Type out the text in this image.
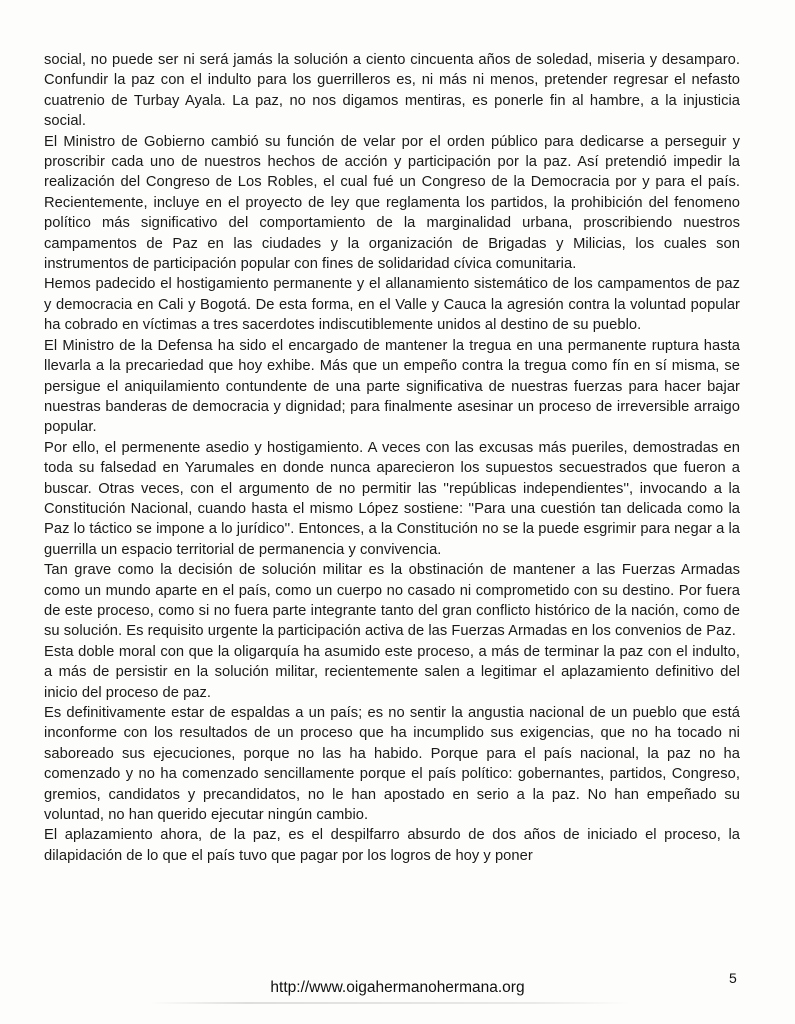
social, no puede ser ni será jamás la solución a ciento cincuenta años de soledad, miseria y desamparo. Confundir la paz con el indulto para los guerrilleros es, ni más ni menos, pretender regresar el nefasto cuatrenio de Turbay Ayala. La paz, no nos digamos mentiras, es ponerle fin al hambre, a la injusticia social.

El Ministro de Gobierno cambió su función de velar por el orden público para dedicarse a perseguir y proscribir cada uno de nuestros hechos de acción y participación por la paz. Así pretendió impedir la realización del Congreso de Los Robles, el cual fué un Congreso de la Democracia por y para el país. Recientemente, incluye en el proyecto de ley que reglamenta los partidos, la prohibición del fenomeno político más significativo del comportamiento de la marginalidad urbana, proscribiendo nuestros campamentos de Paz en las ciudades y la organización de Brigadas y Milicias, los cuales son instrumentos de participación popular con fines de solidaridad cívica comunitaria.

Hemos padecido el hostigamiento permanente y el allanamiento sistemático de los campamentos de paz y democracia en Cali y Bogotá. De esta forma, en el Valle y Cauca la agresión contra la voluntad popular ha cobrado en víctimas a tres sacerdotes indiscutiblemente unidos al destino de su pueblo.

El Ministro de la Defensa ha sido el encargado de mantener la tregua en una permanente ruptura hasta llevarla a la precariedad que hoy exhibe. Más que un empeño contra la tregua como fín en sí misma, se persigue el aniquilamiento contundente de una parte significativa de nuestras fuerzas para hacer bajar nuestras banderas de democracia y dignidad; para finalmente asesinar un proceso de irreversible arraigo popular.

Por ello, el permenente asedio y hostigamiento. A veces con las excusas más pueriles, demostradas en toda su falsedad en Yarumales en donde nunca aparecieron los supuestos secuestrados que fueron a buscar. Otras veces, con el argumento de no permitir las ''repúblicas independientes'', invocando a la Constitución Nacional, cuando hasta el mismo López sostiene: ''Para una cuestión tan delicada como la Paz lo táctico se impone a lo jurídico''. Entonces, a la Constitución no se la puede esgrimir para negar a la guerrilla un espacio territorial de permanencia y convivencia.

Tan grave como la decisión de solución militar es la obstinación de mantener a las Fuerzas Armadas como un mundo aparte en el país, como un cuerpo no casado ni comprometido con su destino. Por fuera de este proceso, como si no fuera parte integrante tanto del gran conflicto histórico de la nación, como de su solución. Es requisito urgente la participación activa de las Fuerzas Armadas en los convenios de Paz.

Esta doble moral con que la oligarquía ha asumido este proceso, a más de terminar la paz con el indulto, a más de persistir en la solución militar, recientemente salen a legitimar el aplazamiento definitivo del inicio del proceso de paz.

Es definitivamente estar de espaldas a un país; es no sentir la angustia nacional de un pueblo que está inconforme con los resultados de un proceso que ha incumplido sus exigencias, que no ha tocado ni saboreado sus ejecuciones, porque no las ha habido. Porque para el país nacional, la paz no ha comenzado y no ha comenzado sencillamente porque el país político: gobernantes, partidos, Congreso, gremios, candidatos y precandidatos, no le han apostado en serio a la paz. No han empeñado su voluntad, no han querido ejecutar ningún cambio.

El aplazamiento ahora, de la paz, es el despilfarro absurdo de dos años de iniciado el proceso, la dilapidación de lo que el país tuvo que pagar por los logros de hoy y poner

5
http://www.oigahermanohermana.org
